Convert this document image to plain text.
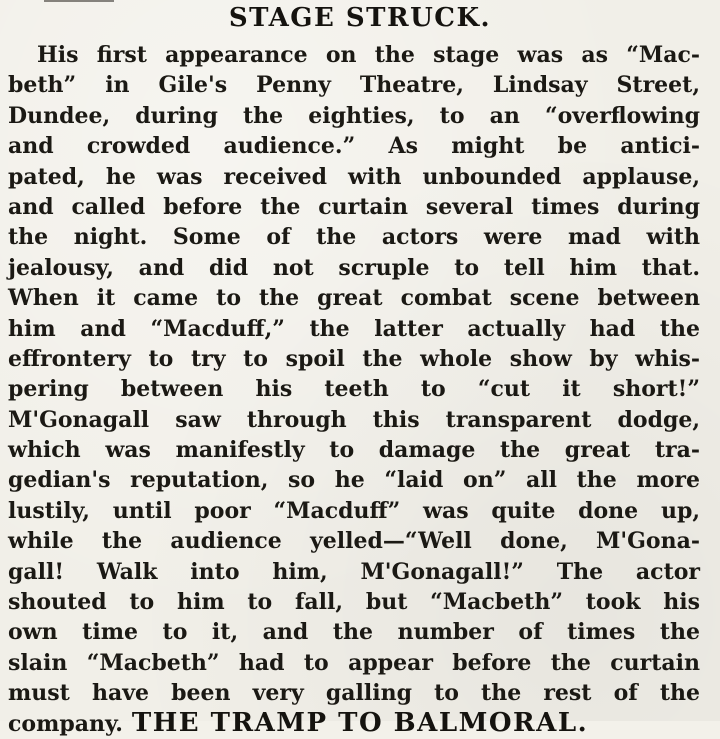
STAGE STRUCK.
His first appearance on the stage was as “Mac-
beth” in Gile's Penny Theatre, Lindsay Street,
Dundee, during the eighties, to an “overflowing
and crowded audience.” As might be antici-
pated, he was received with unbounded applause,
and called before the curtain several times during
the night. Some of the actors were mad with
jealousy, and did not scruple to tell him that.
When it came to the great combat scene between
him and “Macduff,” the latter actually had the
effrontery to try to spoil the whole show by whis-
pering between his teeth to “cut it short!”
M'Gonagall saw through this transparent dodge,
which was manifestly to damage the great tra-
gedian's reputation, so he “laid on” all the more
lustily, until poor “Macduff” was quite done up,
while the audience yelled—“Well done, M'Gona-
gall! Walk into him, M'Gonagall!” The actor
shouted to him to fall, but “Macbeth” took his
own time to it, and the number of times the
slain “Macbeth” had to appear before the curtain
must have been very galling to the rest of the
company. THE TRAMP TO BALMORAL.
